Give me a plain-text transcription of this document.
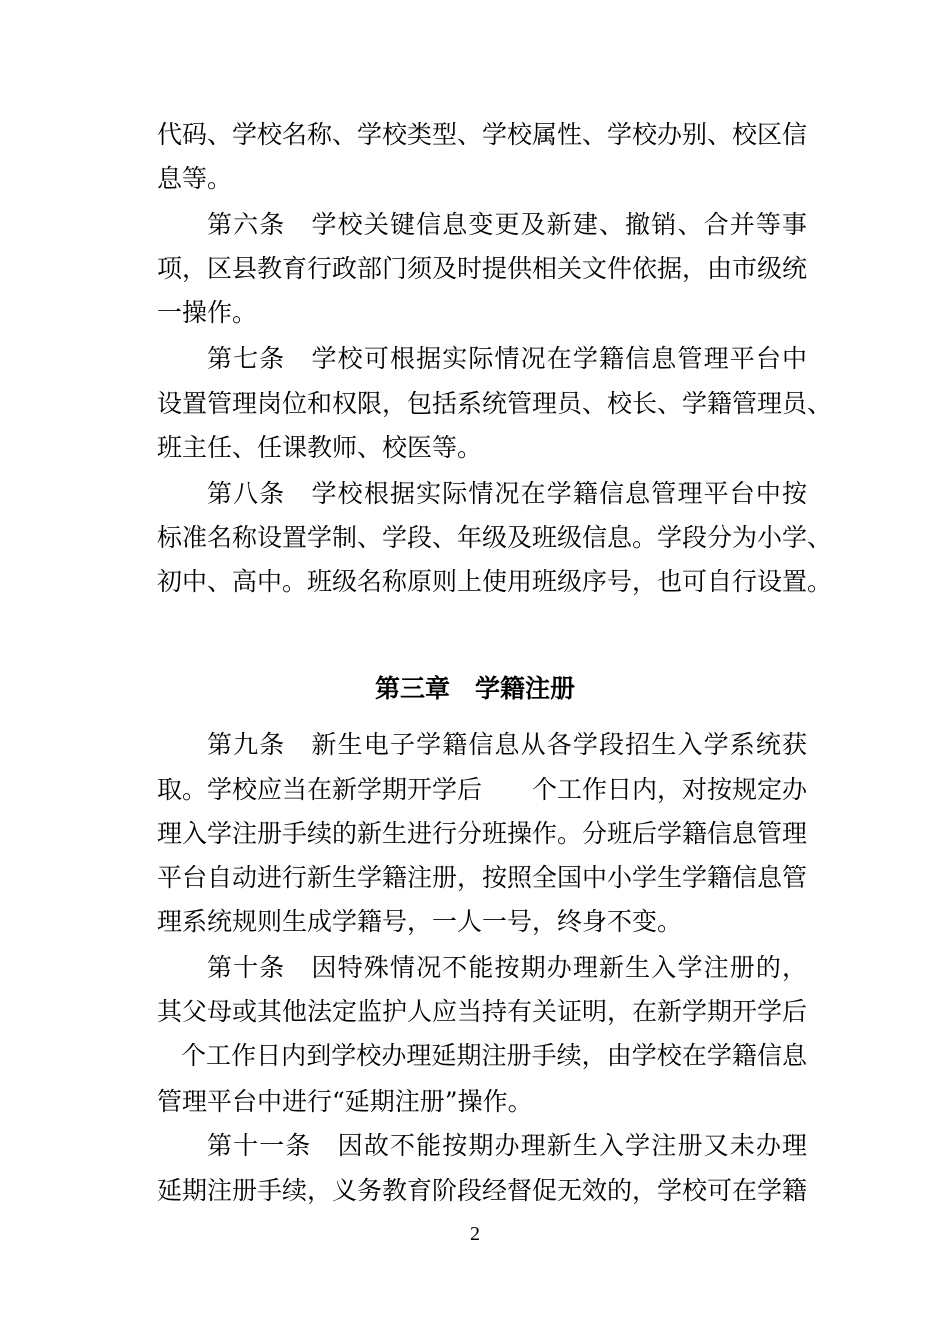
代码、学校名称、学校类型、学校属性、学校办别、校区信
息等。
第六条　学校关键信息变更及新建、撤销、合并等事
项，区县教育行政部门须及时提供相关文件依据，由市级统
一操作。
第七条　学校可根据实际情况在学籍信息管理平台中
设置管理岗位和权限，包括系统管理员、校长、学籍管理员、
班主任、任课教师、校医等。
第八条　学校根据实际情况在学籍信息管理平台中按
标准名称设置学制、学段、年级及班级信息。学段分为小学、
初中、高中。班级名称原则上使用班级序号，也可自行设置。
第三章　学籍注册
第九条　新生电子学籍信息从各学段招生入学系统获
取。学校应当在新学期开学后　　个工作日内，对按规定办
理入学注册手续的新生进行分班操作。分班后学籍信息管理
平台自动进行新生学籍注册，按照全国中小学生学籍信息管
理系统规则生成学籍号，一人一号，终身不变。
第十条　因特殊情况不能按期办理新生入学注册的，
其父母或其他法定监护人应当持有关证明，在新学期开学后
个工作日内到学校办理延期注册手续，由学校在学籍信息
管理平台中进行“延期注册”操作。
第十一条　因故不能按期办理新生入学注册又未办理
延期注册手续，义务教育阶段经督促无效的，学校可在学籍
2
